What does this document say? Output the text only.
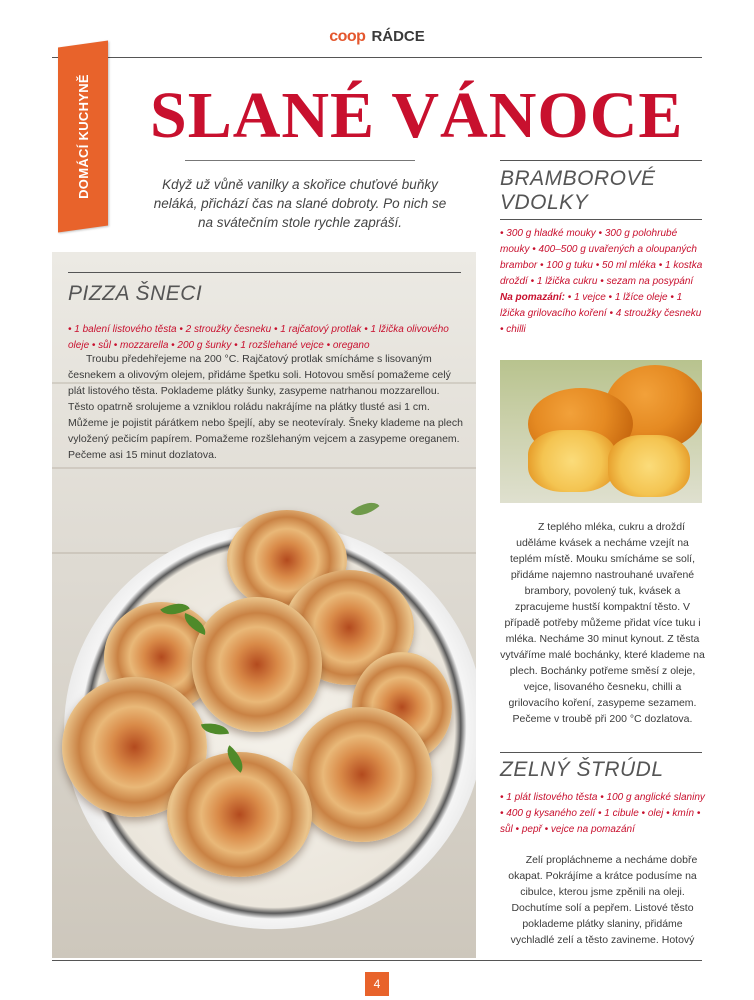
coop RÁDCE
DOMÁCÍ KUCHYNĚ SLANÉ VÁNOCE
Když už vůně vanilky a skořice chuťové buňky neláká, přichází čas na slané dobroty. Po nich se na svátečním stole rychle zapráší.
PIZZA ŠNECI
• 1 balení listového těsta • 2 stroužky česneku • 1 rajčatový protlak • 1 lžička olivového oleje • sůl • mozzarella • 200 g šunky • 1 rozšlehané vejce • oregano
Troubu předehřejeme na 200 °C. Rajčatový protlak smícháme s lisovaným česnekem a olivovým olejem, přidáme špetku soli. Hotovou směsí pomažeme celý plát listového těsta. Poklademe plátky šunky, zasypeme natrhanou mozzarellou. Těsto opatrně srolujeme a vzniklou roládu nakrájíme na plátky tlusté asi 1 cm. Můžeme je pojistit párátkem nebo špejlí, aby se neotevíraly. Šneky klademe na plech vyložený pečicím papírem. Pomažeme rozšlehaným vejcem a zasypeme oreganem. Pečeme asi 15 minut dozlatova.
BRAMBOROVÉ
VDOLKY
• 300 g hladké mouky • 300 g polohrubé mouky • 400–500 g uvařených a oloupaných brambor • 100 g tuku • 50 ml mléka • 1 kostka droždí • 1 lžička cukru • sezam na posypání
Na pomazání: • 1 vejce • 1 lžíce oleje • 1 lžička grilovacího koření • 4 stroužky česneku • chilli
Z teplého mléka, cukru a droždí uděláme kvásek a necháme vzejít na teplém místě. Mouku smícháme se solí, přidáme najemno nastrouhané uvařené brambory, povolený tuk, kvásek a zpracujeme hustší kompaktní těsto. V případě potřeby můžeme přidat více tuku i mléka. Necháme 30 minut kynout. Z těsta vytváříme malé bochánky, které klademe na plech. Bochánky potřeme směsí z oleje, vejce, lisovaného česneku, chilli a grilovacího koření, zasypeme sezamem. Pečeme v troubě při 200 °C dozlatova.
ZELNÝ ŠTRÚDL
• 1 plát listového těsta • 100 g anglické slaniny • 400 g kysaného zelí • 1 cibule • olej • kmín • sůl • pepř • vejce na pomazání
Zelí propláchneme a necháme dobře okapat. Pokrájíme a krátce podusíme na cibulce, kterou jsme zpěnili na oleji. Dochutíme solí a pepřem. Listové těsto poklademe plátky slaniny, přidáme vychladlé zelí a těsto zavineme. Hotový
4
